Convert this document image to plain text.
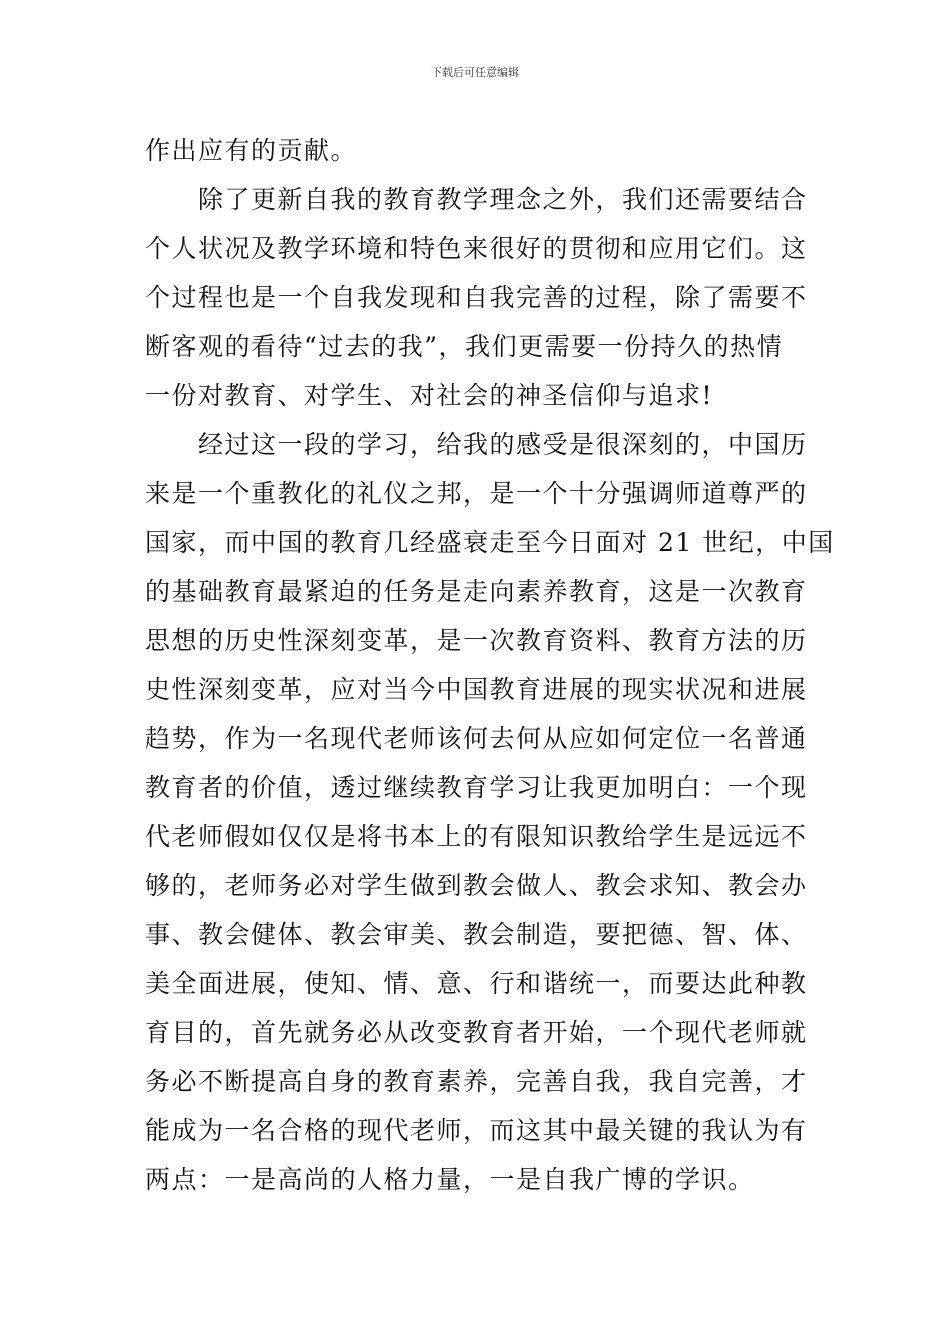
下载后可任意编辑

作出应有的贡献。

　　除了更新自我的教育教学理念之外，我们还需要结合
个人状况及教学环境和特色来很好的贯彻和应用它们。这
个过程也是一个自我发现和自我完善的过程，除了需要不
断客观的看待“过去的我”，我们更需要一份持久的热情
一份对教育、对学生、对社会的神圣信仰与追求!

　　经过这一段的学习，给我的感受是很深刻的，中国历
来是一个重教化的礼仪之邦，是一个十分强调师道尊严的
国家，而中国的教育几经盛衰走至今日面对 21 世纪，中国
的基础教育最紧迫的任务是走向素养教育，这是一次教育
思想的历史性深刻变革，是一次教育资料、教育方法的历
史性深刻变革，应对当今中国教育进展的现实状况和进展
趋势，作为一名现代老师该何去何从应如何定位一名普通
教育者的价值，透过继续教育学习让我更加明白：一个现
代老师假如仅仅是将书本上的有限知识教给学生是远远不
够的，老师务必对学生做到教会做人、教会求知、教会办
事、教会健体、教会审美、教会制造，要把德、智、体、
美全面进展，使知、情、意、行和谐统一，而要达此种教
育目的，首先就务必从改变教育者开始，一个现代老师就
务必不断提高自身的教育素养，完善自我，我自完善，才
能成为一名合格的现代老师，而这其中最关键的我认为有
两点：一是高尚的人格力量，一是自我广博的学识。
